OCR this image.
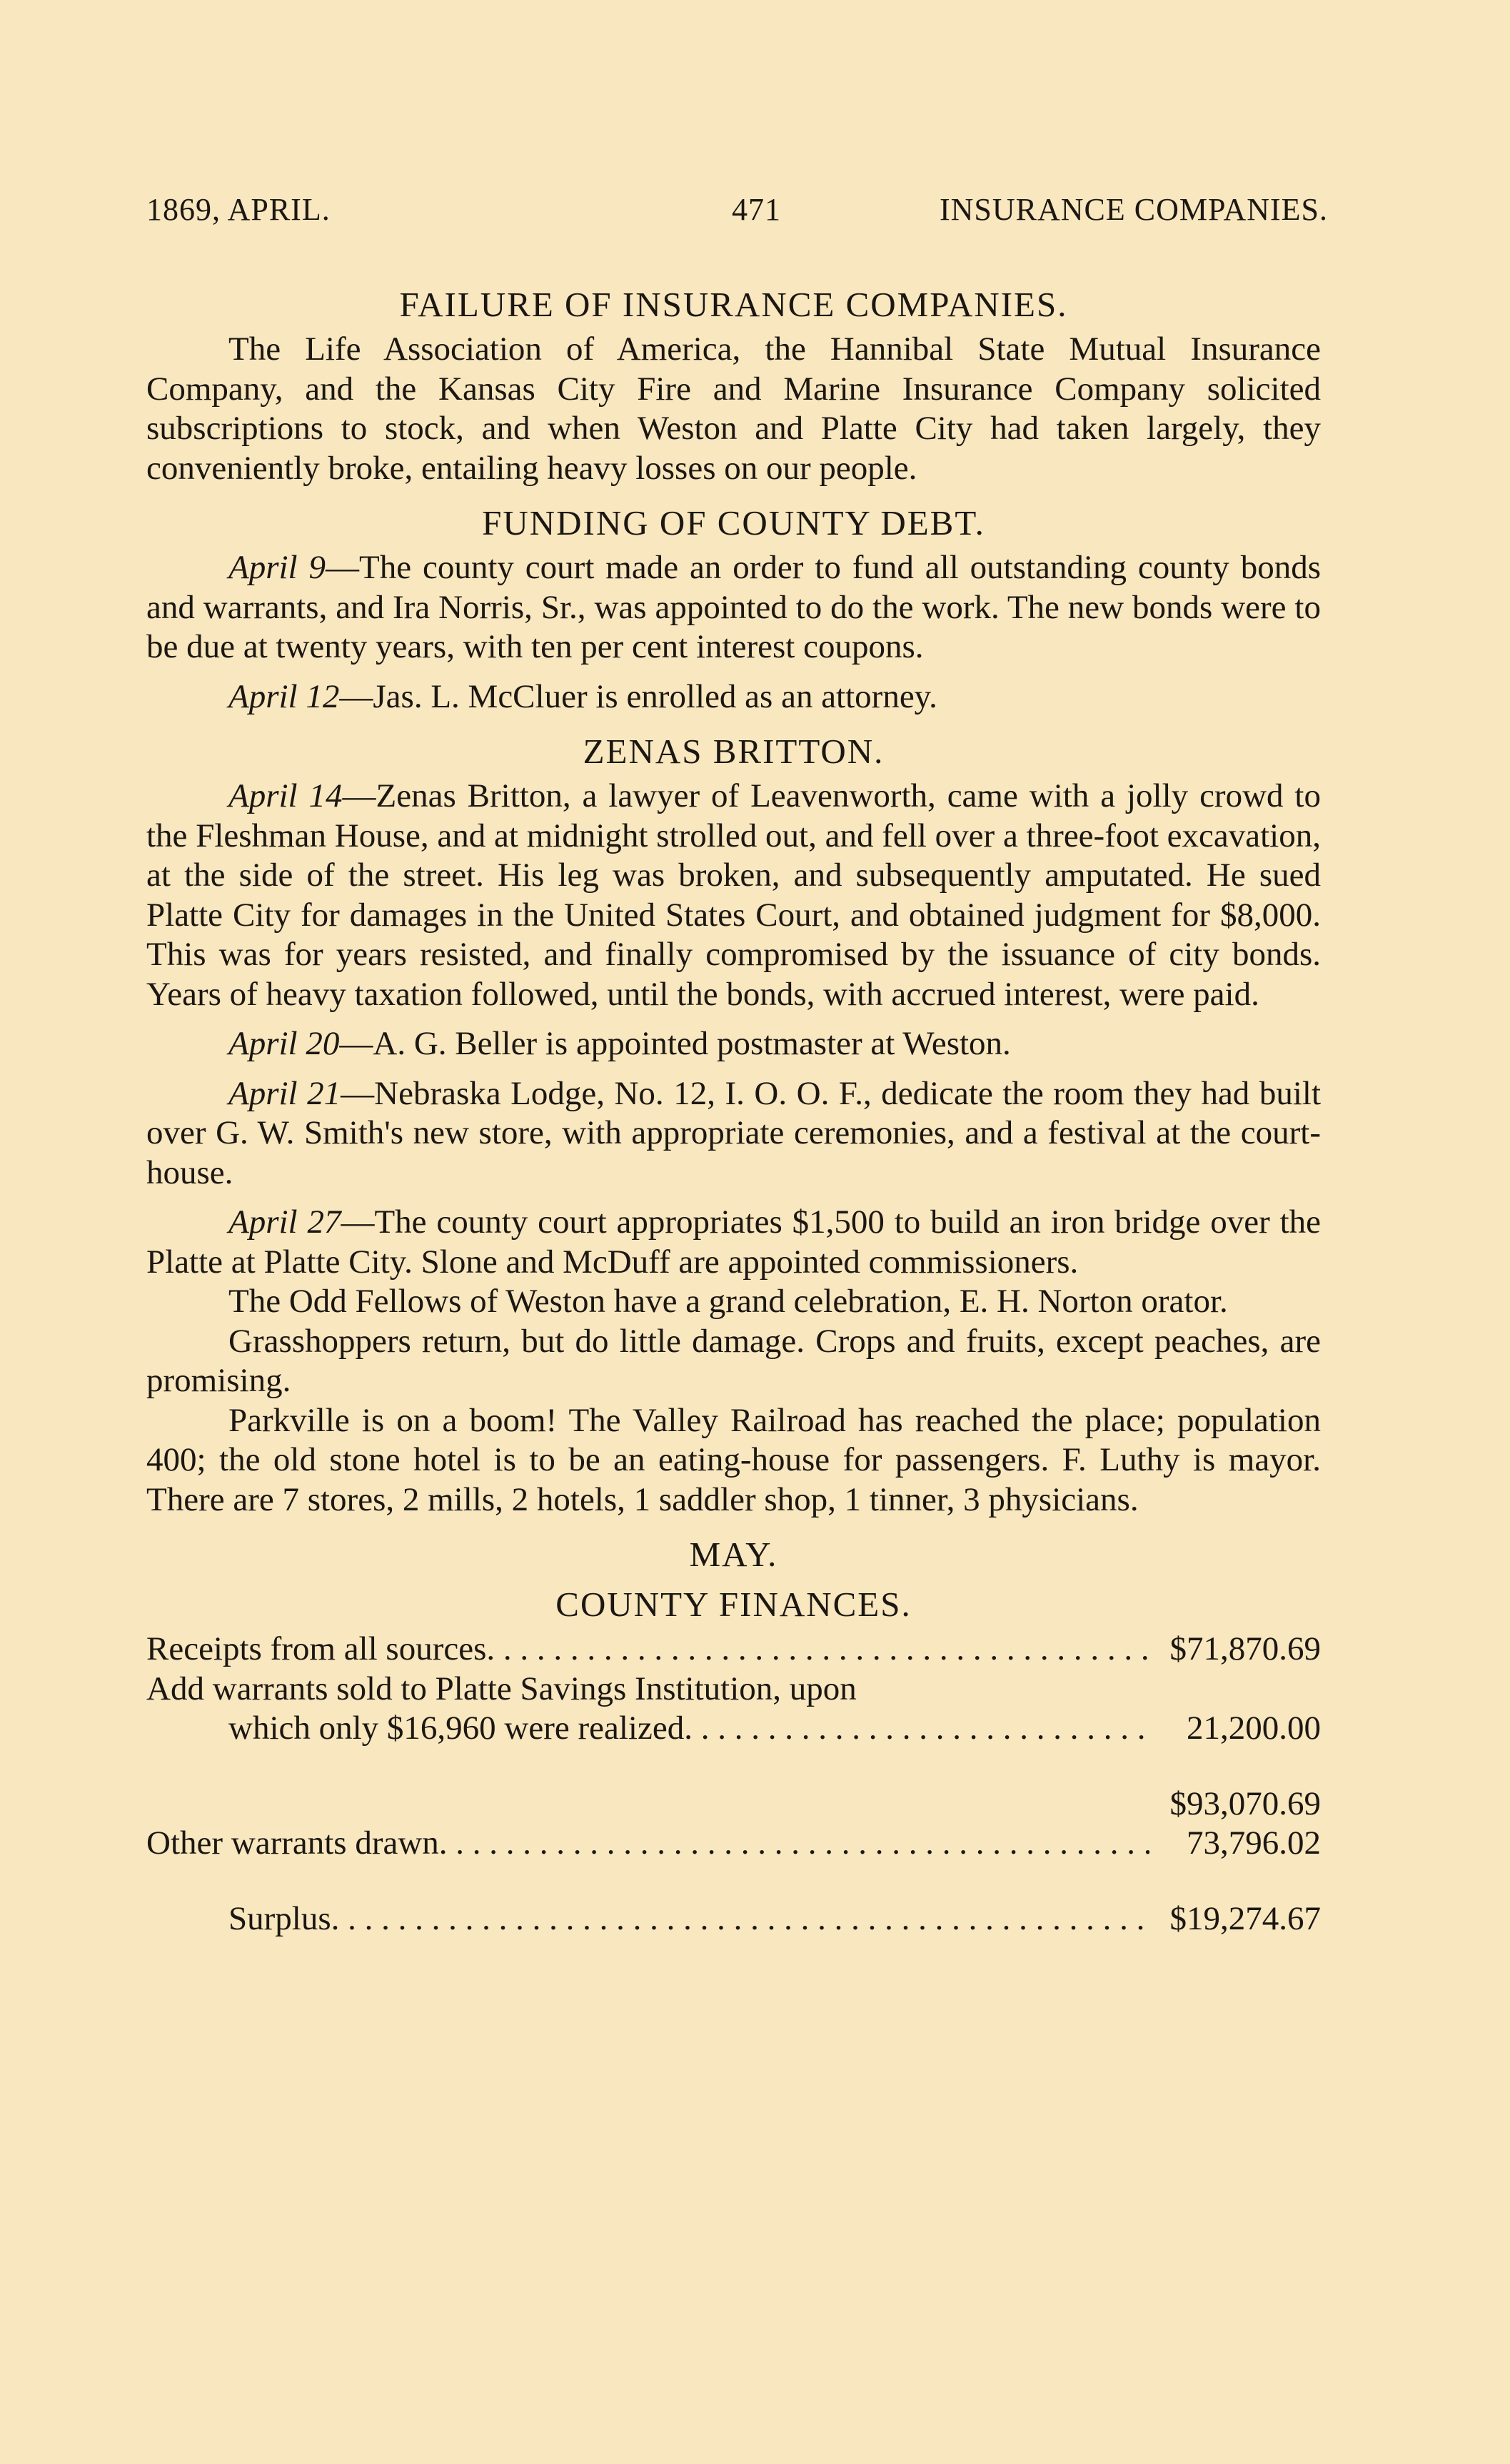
1869, APRIL.	471	INSURANCE COMPANIES.
FAILURE OF INSURANCE COMPANIES.

The Life Association of America, the Hannibal State Mutual Insurance Company, and the Kansas City Fire and Marine Insurance Company solicited subscriptions to stock, and when Weston and Platte City had taken largely, they conveniently broke, entailing heavy losses on our people.

FUNDING OF COUNTY DEBT.

April 9—The county court made an order to fund all outstanding county bonds and warrants, and Ira Norris, Sr., was appointed to do the work. The new bonds were to be due at twenty years, with ten per cent interest coupons.

April 12—Jas. L. McCluer is enrolled as an attorney.

ZENAS BRITTON.

April 14—Zenas Britton, a lawyer of Leavenworth, came with a jolly crowd to the Fleshman House, and at midnight strolled out, and fell over a three-foot excavation, at the side of the street. His leg was broken, and subsequently amputated. He sued Platte City for damages in the United States Court, and obtained judgment for $8,000. This was for years resisted, and finally compromised by the issuance of city bonds. Years of heavy taxation followed, until the bonds, with accrued interest, were paid.

April 20—A. G. Beller is appointed postmaster at Weston.

April 21—Nebraska Lodge, No. 12, I. O. O. F., dedicate the room they had built over G. W. Smith's new store, with appropriate ceremonies, and a festival at the court-house.

April 27—The county court appropriates $1,500 to build an iron bridge over the Platte at Platte City. Slone and McDuff are appointed commissioners.

The Odd Fellows of Weston have a grand celebration, E. H. Norton orator.

Grasshoppers return, but do little damage. Crops and fruits, except peaches, are promising.

Parkville is on a boom! The Valley Railroad has reached the place; population 400; the old stone hotel is to be an eating-house for passengers. F. Luthy is mayor. There are 7 stores, 2 mills, 2 hotels, 1 saddler shop, 1 tinner, 3 physicians.

MAY.
COUNTY FINANCES.
Receipts from all sources . . .	$71,870.69
Add warrants sold to Platte Savings Institution, upon
which only $16,960 were realized . . .	21,200.00
$93,070.69
Other warrants drawn . . .	73,796.02
Surplus . . .	$19,274.67
